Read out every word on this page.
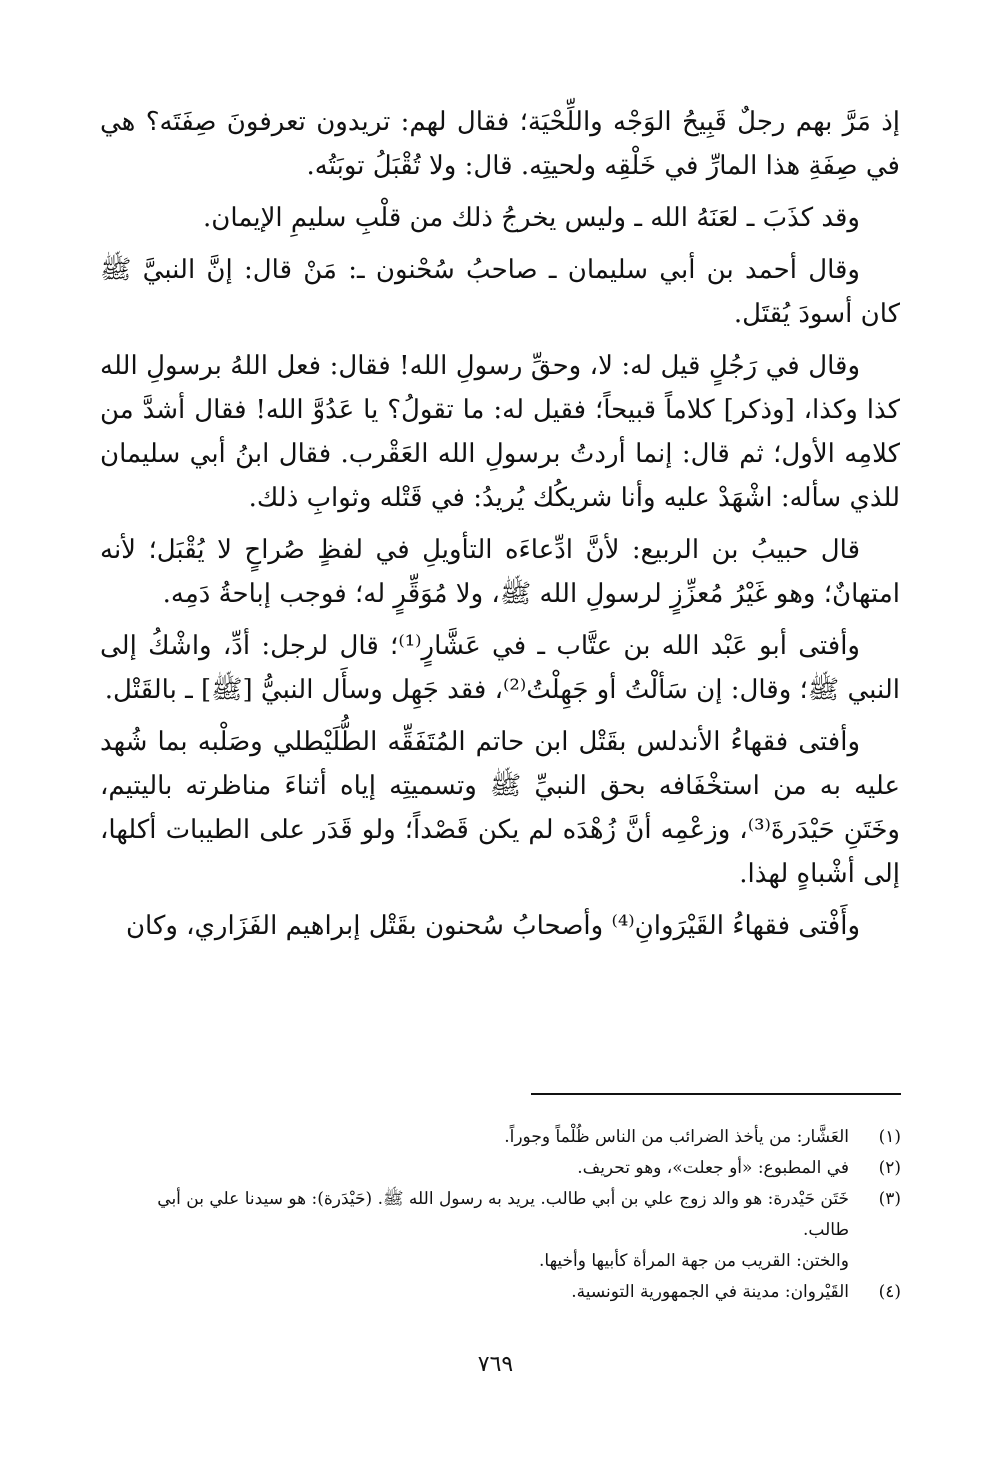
إذ مَرَّ بهم رجلٌ قَبِيحُ الوَجْه واللِّحْيَة؛ فقال لهم: تريدون تعرفونَ صِفَتَه؟ هي في صِفَةِ هذا المارِّ في خَلْقِه ولحيتِه. قال: ولا تُقْبَلُ توبَتُه.

وقد كذَبَ ـ لعَنَهُ الله ـ وليس يخرجُ ذلك من قلْبِ سليمِ الإيمان.

وقال أحمد بن أبي سليمان ـ صاحبُ سُحْنون ـ: مَنْ قال: إنَّ النبيَّ ﷺ كان أسودَ يُقتَل.

وقال في رَجُلٍ قيل له: لا، وحقِّ رسولِ الله! فقال: فعل اللهُ برسولِ الله كذا وكذا، [وذكر] كلاماً قبيحاً؛ فقيل له: ما تقولُ؟ يا عَدُوَّ الله! فقال أشدَّ من كلامِه الأول؛ ثم قال: إنما أردتُ برسولِ الله العَقْرب. فقال ابنُ أبي سليمان للذي سأله: اشْهَدْ عليه وأنا شريكُك يُريدُ: في قَتْله وثوابِ ذلك.

قال حبيبُ بن الربيع: لأنَّ ادِّعاءَه التأويلِ في لفظٍ صُراحٍ لا يُقْبَل؛ لأنه امتهانٌ؛ وهو غَيْرُ مُعزِّزٍ لرسولِ الله ﷺ، ولا مُوَقِّرٍ له؛ فوجب إباحةُ دَمِه.

وأفتى أبو عَبْد الله بن عتَّاب ـ في عَشَّارٍ⁽¹⁾؛ قال لرجل: أدِّ، واشْكُ إلى النبي ﷺ؛ وقال: إن سَألْتُ أو جَهِلْتُ⁽²⁾، فقد جَهِل وسأَل النبيُّ [ﷺ] ـ بالقَتْل.

وأفتى فقهاءُ الأندلس بقَتْل ابن حاتم المُتَفَقِّه الطُّلَيْطلي وصَلْبه بما شُهد عليه به من استخْفَافه بحق النبيِّ ﷺ وتسميتِه إياه أثناءَ مناظرته باليتيم، وخَتَنِ حَيْدَرةَ⁽³⁾، وزعْمِه أنَّ زُهْدَه لم يكن قَصْداً؛ ولو قَدَر على الطيبات أكلها، إلى أشْباهٍ لهذا.

وأَفْتى فقهاءُ القَيْرَوانِ⁽⁴⁾ وأصحابُ سُحنون بقَتْل إبراهيم الفَزَاري، وكان

(١)
العَشَّار: من يأخذ الضرائب من الناس ظُلْماً وجوراً.
(٢)
في المطبوع: «أو جعلت»، وهو تحريف.
(٣)
خَتَن حَيْدرة: هو والد زوج علي بن أبي طالب. يريد به رسول الله ﷺ. (حَيْدَرة): هو سيدنا علي بن أبي طالب.
والختن: القريب من جهة المرأة كأبيها وأخيها.
(٤)
القَيْروان: مدينة في الجمهورية التونسية.
٧٦٩
